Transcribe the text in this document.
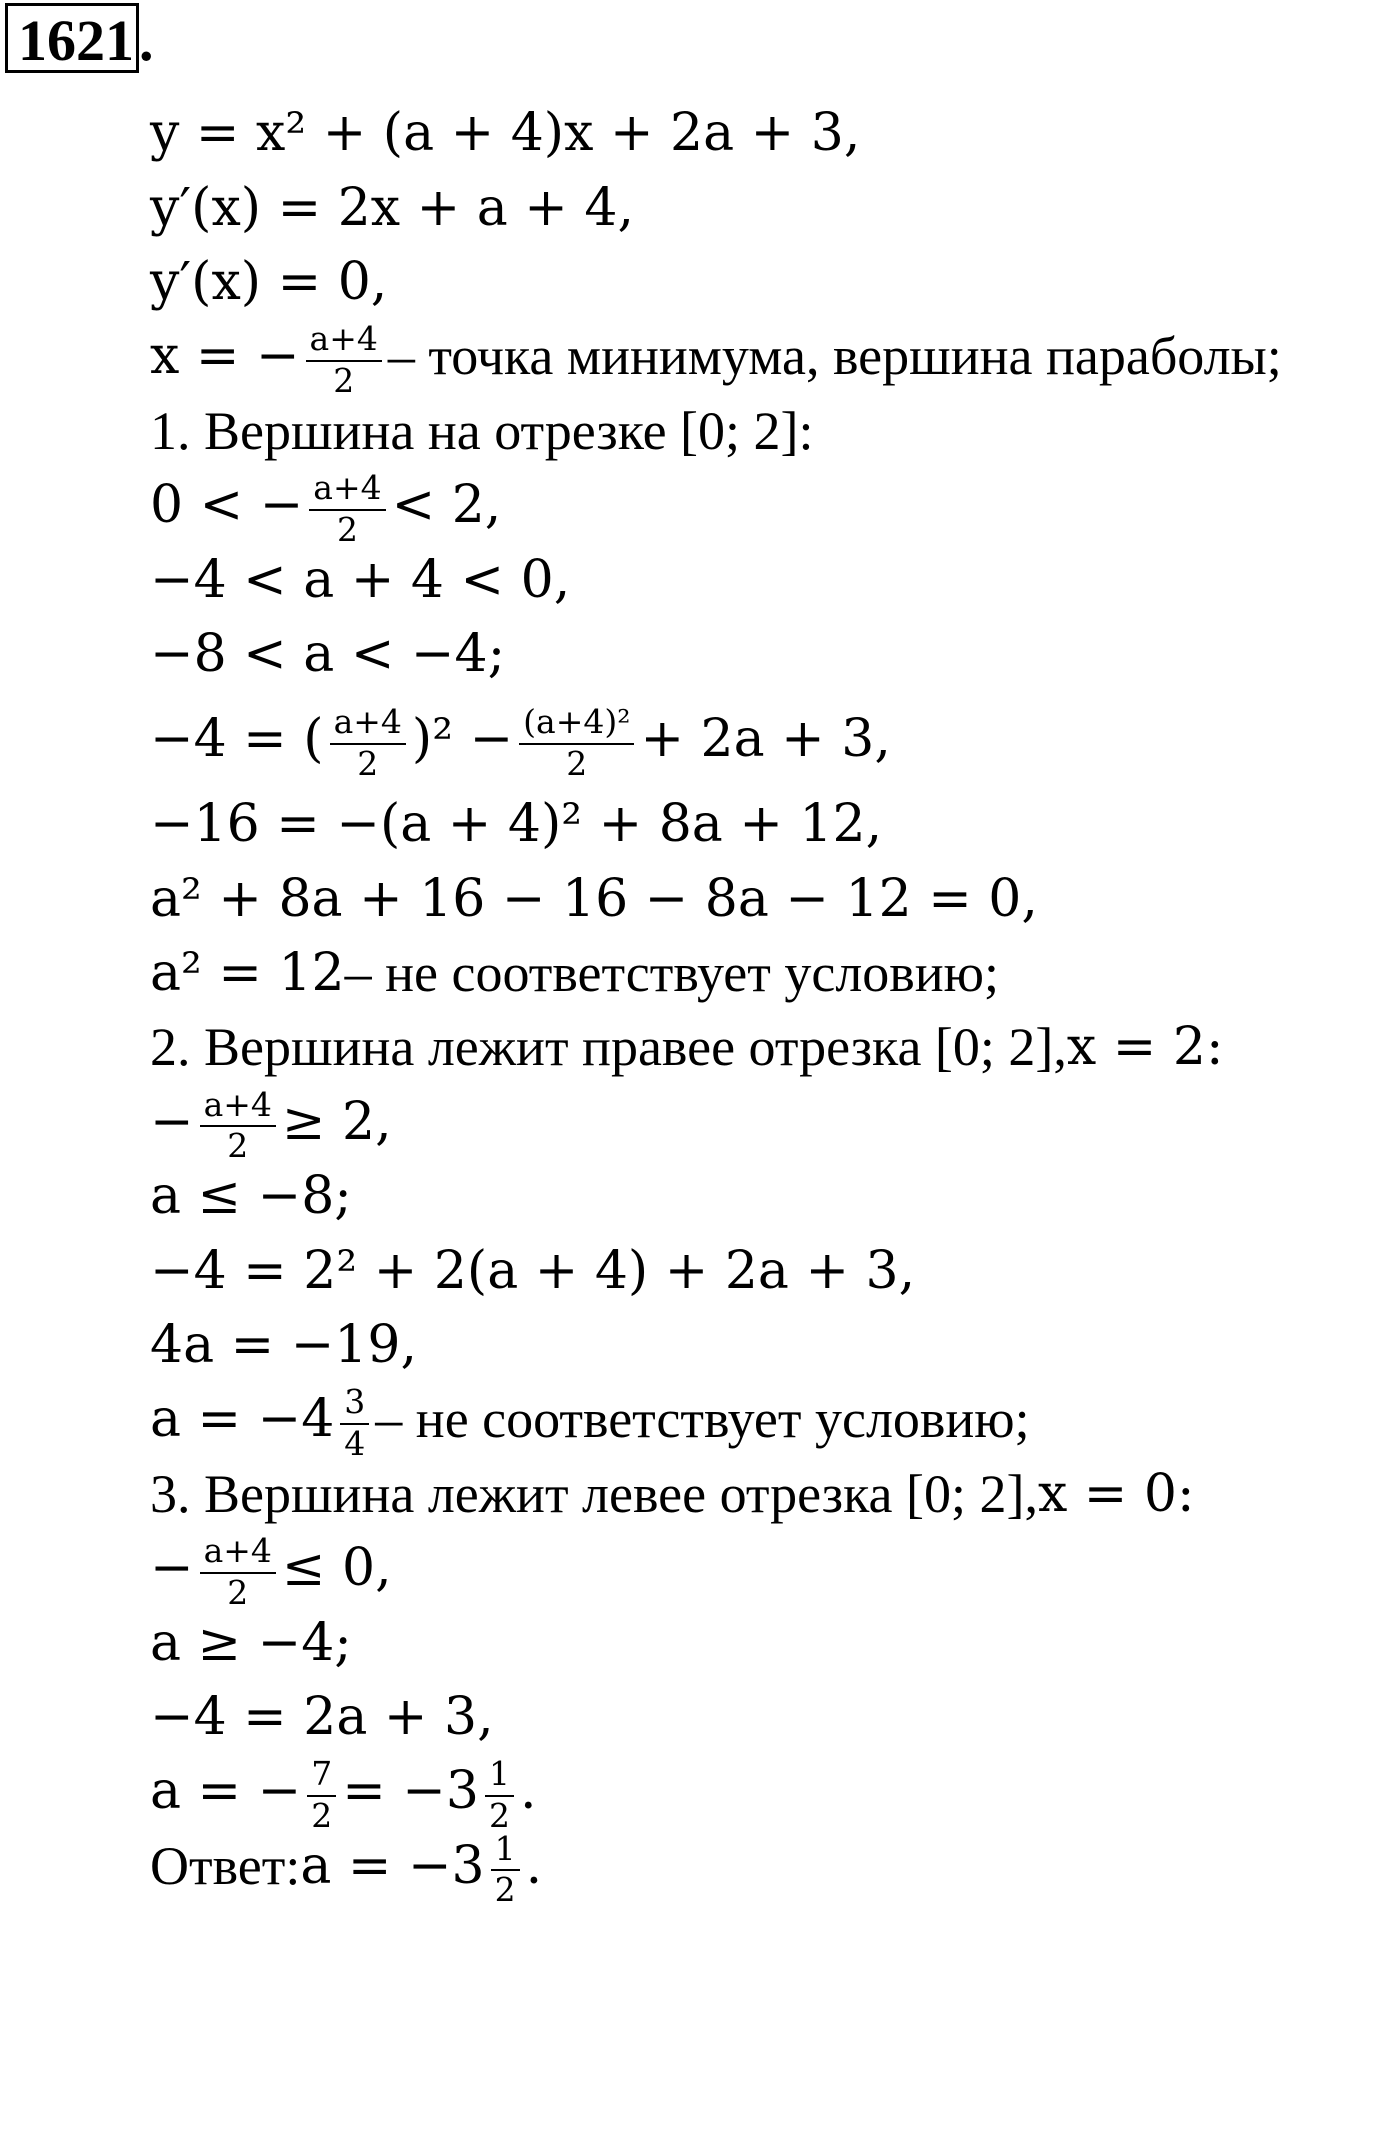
1621.
y = x² + (a + 4)x + 2a + 3,
y′(x) = 2x + a + 4,
y′(x) = 0,
x = − $\frac{a+4}{2}$ – точка минимума, вершина параболы;
1. Вершина на отрезке [0; 2]:
0 < − $\frac{a+4}{2} < 2$,
−4 < a + 4 < 0,
−8 < a < −4;
−4 = ( $\frac{a+4}{2} )^2 - \frac{\text{(a+4)²}}{2} + 2a + 3$,
−16 = −(a + 4)² + 8a + 12,
a² + 8a + 16 − 16 − 8a − 12 = 0,
a² = 12 – не соответствует условию;
2. Вершина лежит правее отрезка [0; 2], x = 2:
− $\frac{a+4}{2} \ge 2$,
a ≤ −8;
−4 = 2² + 2(a + 4) + 2a + 3,
4a = −19,
$a = -4 \frac{3}{4}$ – не соответствует условию;
3. Вершина лежит левее отрезка [0; 2], x = 0:
− $\frac{a+4}{2} \le 0$,
a ≥ −4;
−4 = 2a + 3,
a = − $\frac{7}{2} = -3 \frac{1}{2}$ .
Ответ: $a = -3 \frac{1}{2}$ .
